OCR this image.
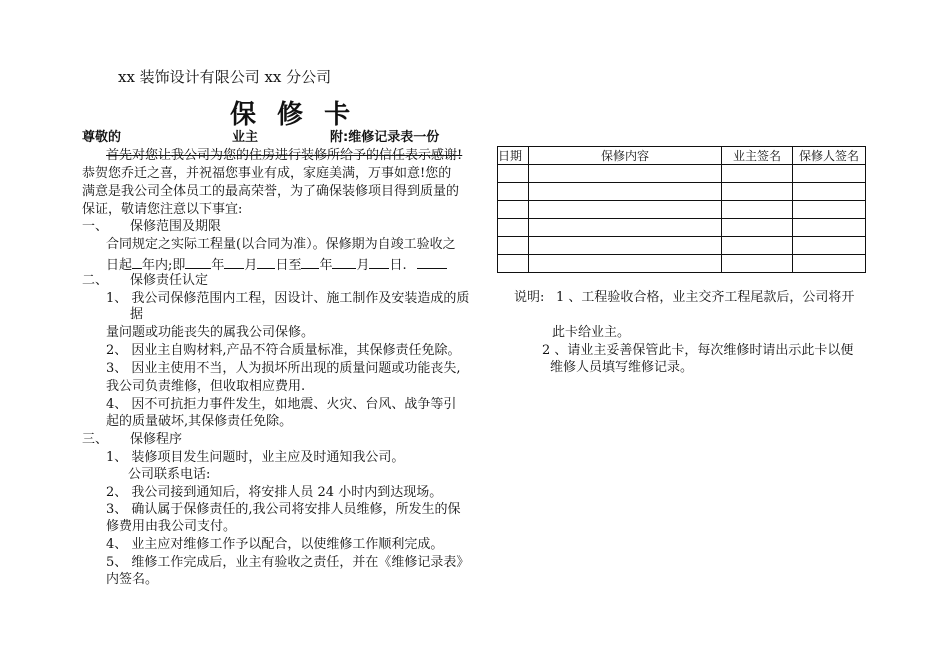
xx 装饰设计有限公司 xx 分公司
保 修 卡
尊敬的	业主	附:维修记录表一份
首先对您让我公司为您的住房进行装修所给予的信任表示感谢!
恭贺您乔迁之喜，并祝福您事业有成，家庭美满，万事如意!您的
满意是我公司全体员工的最高荣誉，为了确保装修项目得到质量的
保证，敬请您注意以下事宜:
一、 保修范围及期限
合同规定之实际工程量(以合同为准）。保修期为自竣工验收之
日起 年内;即 年 月 日至 年 月 日.
二、 保修责任认定
1、 我公司保修范围内工程，因设计、施工制作及安装造成的质
据
量问题或功能丧失的属我公司保修。
2、 因业主自购材料,产品不符合质量标准，其保修责任免除。
3、 因业主使用不当，人为损坏所出现的质量问题或功能丧失,
我公司负责维修，但收取相应费用.
4、 因不可抗拒力事件发生，如地震、火灾、台风、战争等引
起的质量破坏,其保修责任免除。
三、 保修程序
1、 装修项目发生问题时，业主应及时通知我公司。
公司联系电话:
2、 我公司接到通知后，将安排人员 24 小时内到达现场。
3、 确认属于保修责任的,我公司将安排人员维修，所发生的保
修费用由我公司支付。
4、 业主应对维修工作予以配合，以使维修工作顺利完成。
5、 维修工作完成后，业主有验收之责任，并在《维修记录表》
内签名。
日期	保修内容	业主签名	保修人签名

说明: 1 、工程验收合格，业主交齐工程尾款后，公司将开
此卡给业主。
2 、请业主妥善保管此卡，每次维修时请出示此卡以便
维修人员填写维修记录。
